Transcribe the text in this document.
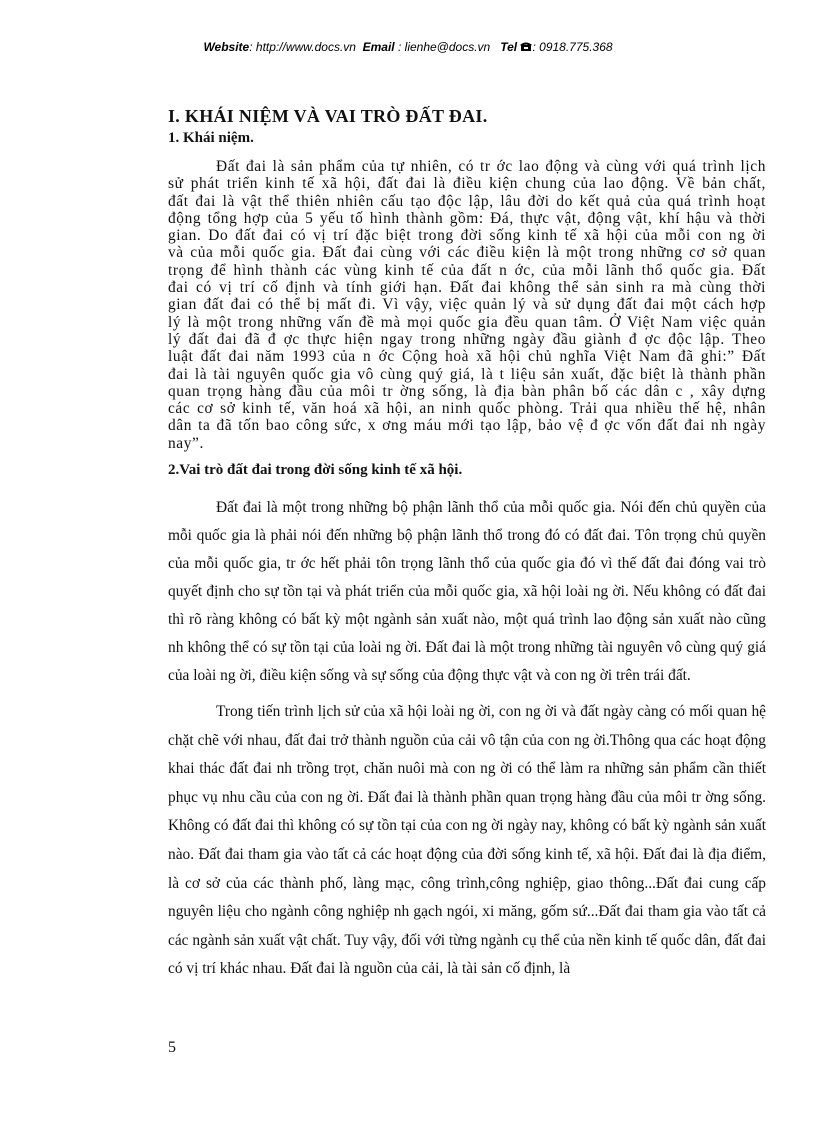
Website: http://www.docs.vn Email : lienhe@docs.vn Tel : 0918.775.368
I. KHÁI NIỆM VÀ VAI TRÒ ĐẤT ĐAI.
1. Khái niệm.

Đất đai là sản phẩm của tự nhiên, có tr ớc lao động và cùng với quá trình lịch sử phát triển kinh tế xã hội, đất đai là điều kiện chung của lao động. Về bản chất, đất đai là vật thể thiên nhiên cấu tạo độc lập, lâu đời do kết quả của quá trình hoạt động tổng hợp của 5 yếu tố hình thành gồm: Đá, thực vật, động vật, khí hậu và thời gian. Do đất đai có vị trí đặc biệt trong đời sống kinh tế xã hội của mỗi con ng ời và của mỗi quốc gia. Đất đai cùng với các điều kiện là một trong những cơ sở quan trọng để hình thành các vùng kinh tế của đất n ớc, của mỗi lãnh thổ quốc gia. Đất đai có vị trí cố định và tính giới hạn. Đất đai không thể sản sinh ra mà cùng thời gian đất đai có thể bị mất đi. Vì vậy, việc quản lý và sử dụng đất đai một cách hợp lý là một trong những vấn đề mà mọi quốc gia đều quan tâm. Ở Việt Nam việc quản lý đất đai đã đ ợc thực hiện ngay trong những ngày đầu giành đ ợc độc lập. Theo luật đất đai năm 1993 của n ớc Cộng hoà xã hội chủ nghĩa Việt Nam đã ghi:” Đất đai là tài nguyên quốc gia vô cùng quý giá, là t liệu sản xuất, đặc biệt là thành phần quan trọng hàng đầu của môi tr ờng sống, là địa bàn phân bố các dân c , xây dựng các cơ sở kinh tế, văn hoá xã hội, an ninh quốc phòng. Trải qua nhiều thế hệ, nhân dân ta đã tốn bao công sức, x ơng máu mới tạo lập, bảo vệ đ ợc vốn đất đai nh ngày nay”.

2.Vai trò đất đai trong đời sống kinh tế xã hội.

Đất đai là một trong những bộ phận lãnh thổ của mỗi quốc gia. Nói đến chủ quyền của mỗi quốc gia là phải nói đến những bộ phận lãnh thổ trong đó có đất đai. Tôn trọng chủ quyền của mỗi quốc gia, tr ớc hết phải tôn trọng lãnh thổ của quốc gia đó vì thế đất đai đóng vai trò quyết định cho sự tồn tại và phát triển của mỗi quốc gia, xã hội loài ng ời. Nếu không có đất đai thì rõ ràng không có bất kỳ một ngành sản xuất nào, một quá trình lao động sản xuất nào cũng nh không thể có sự tồn tại của loài ng ời. Đất đai là một trong những tài nguyên vô cùng quý giá của loài ng ời, điều kiện sống và sự sống của động thực vật và con ng ời trên trái đất.

Trong tiến trình lịch sử của xã hội loài ng ời, con ng ời và đất ngày càng có mối quan hệ chặt chẽ với nhau, đất đai trở thành nguồn của cải vô tận của con ng ời.Thông qua các hoạt động khai thác đất đai nh trồng trọt, chăn nuôi mà con ng ời có thể làm ra những sản phẩm cần thiết phục vụ nhu cầu của con ng ời. Đất đai là thành phần quan trọng hàng đầu của môi tr ờng sống. Không có đất đai thì không có sự tồn tại của con ng ời ngày nay, không có bất kỳ ngành sản xuất nào. Đất đai tham gia vào tất cả các hoạt động của đời sống kinh tế, xã hội. Đất đai là địa điểm, là cơ sở của các thành phố, làng mạc, công trình,công nghiệp, giao thông...Đất đai cung cấp nguyên liệu cho ngành công nghiệp nh gạch ngói, xi măng, gốm sứ...Đất đai tham gia vào tất cả các ngành sản xuất vật chất. Tuy vậy, đối với từng ngành cụ thể của nền kinh tế quốc dân, đất đai có vị trí khác nhau. Đất đai là nguồn của cải, là tài sản cố định, là

5
